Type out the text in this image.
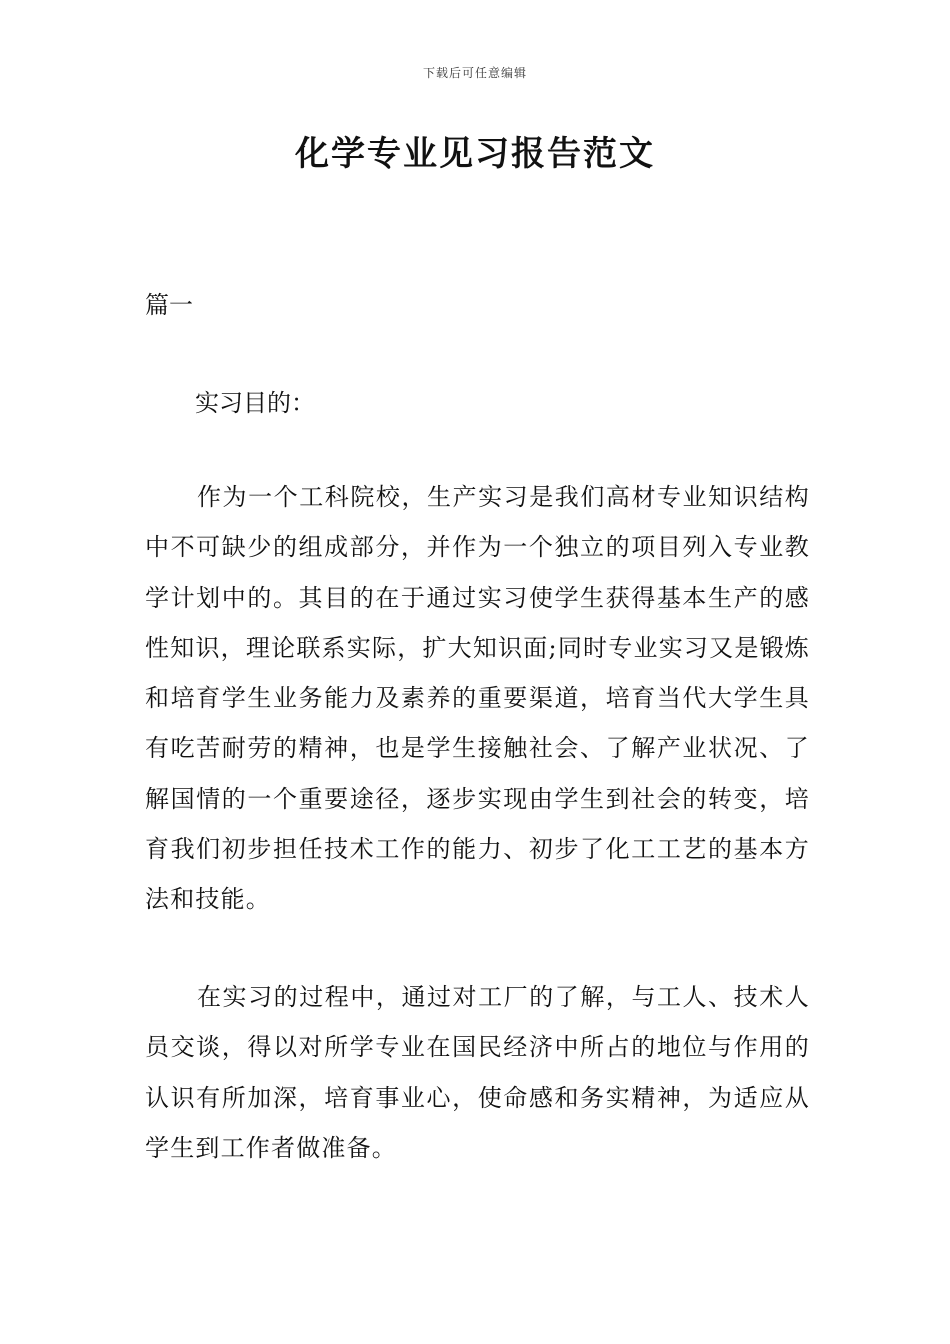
下载后可任意编辑
化学专业见习报告范文
篇一
实习目的：

作为一个工科院校，生产实习是我们高材专业知识结构中不可缺少的组成部分，并作为一个独立的项目列入专业教学计划中的。其目的在于通过实习使学生获得基本生产的感性知识，理论联系实际，扩大知识面;同时专业实习又是锻炼和培育学生业务能力及素养的重要渠道，培育当代大学生具有吃苦耐劳的精神，也是学生接触社会、了解产业状况、了解国情的一个重要途径，逐步实现由学生到社会的转变，培育我们初步担任技术工作的能力、初步了化工工艺的基本方法和技能。

在实习的过程中，通过对工厂的了解，与工人、技术人员交谈，得以对所学专业在国民经济中所占的地位与作用的认识有所加深，培育事业心，使命感和务实精神，为适应从学生到工作者做准备。
